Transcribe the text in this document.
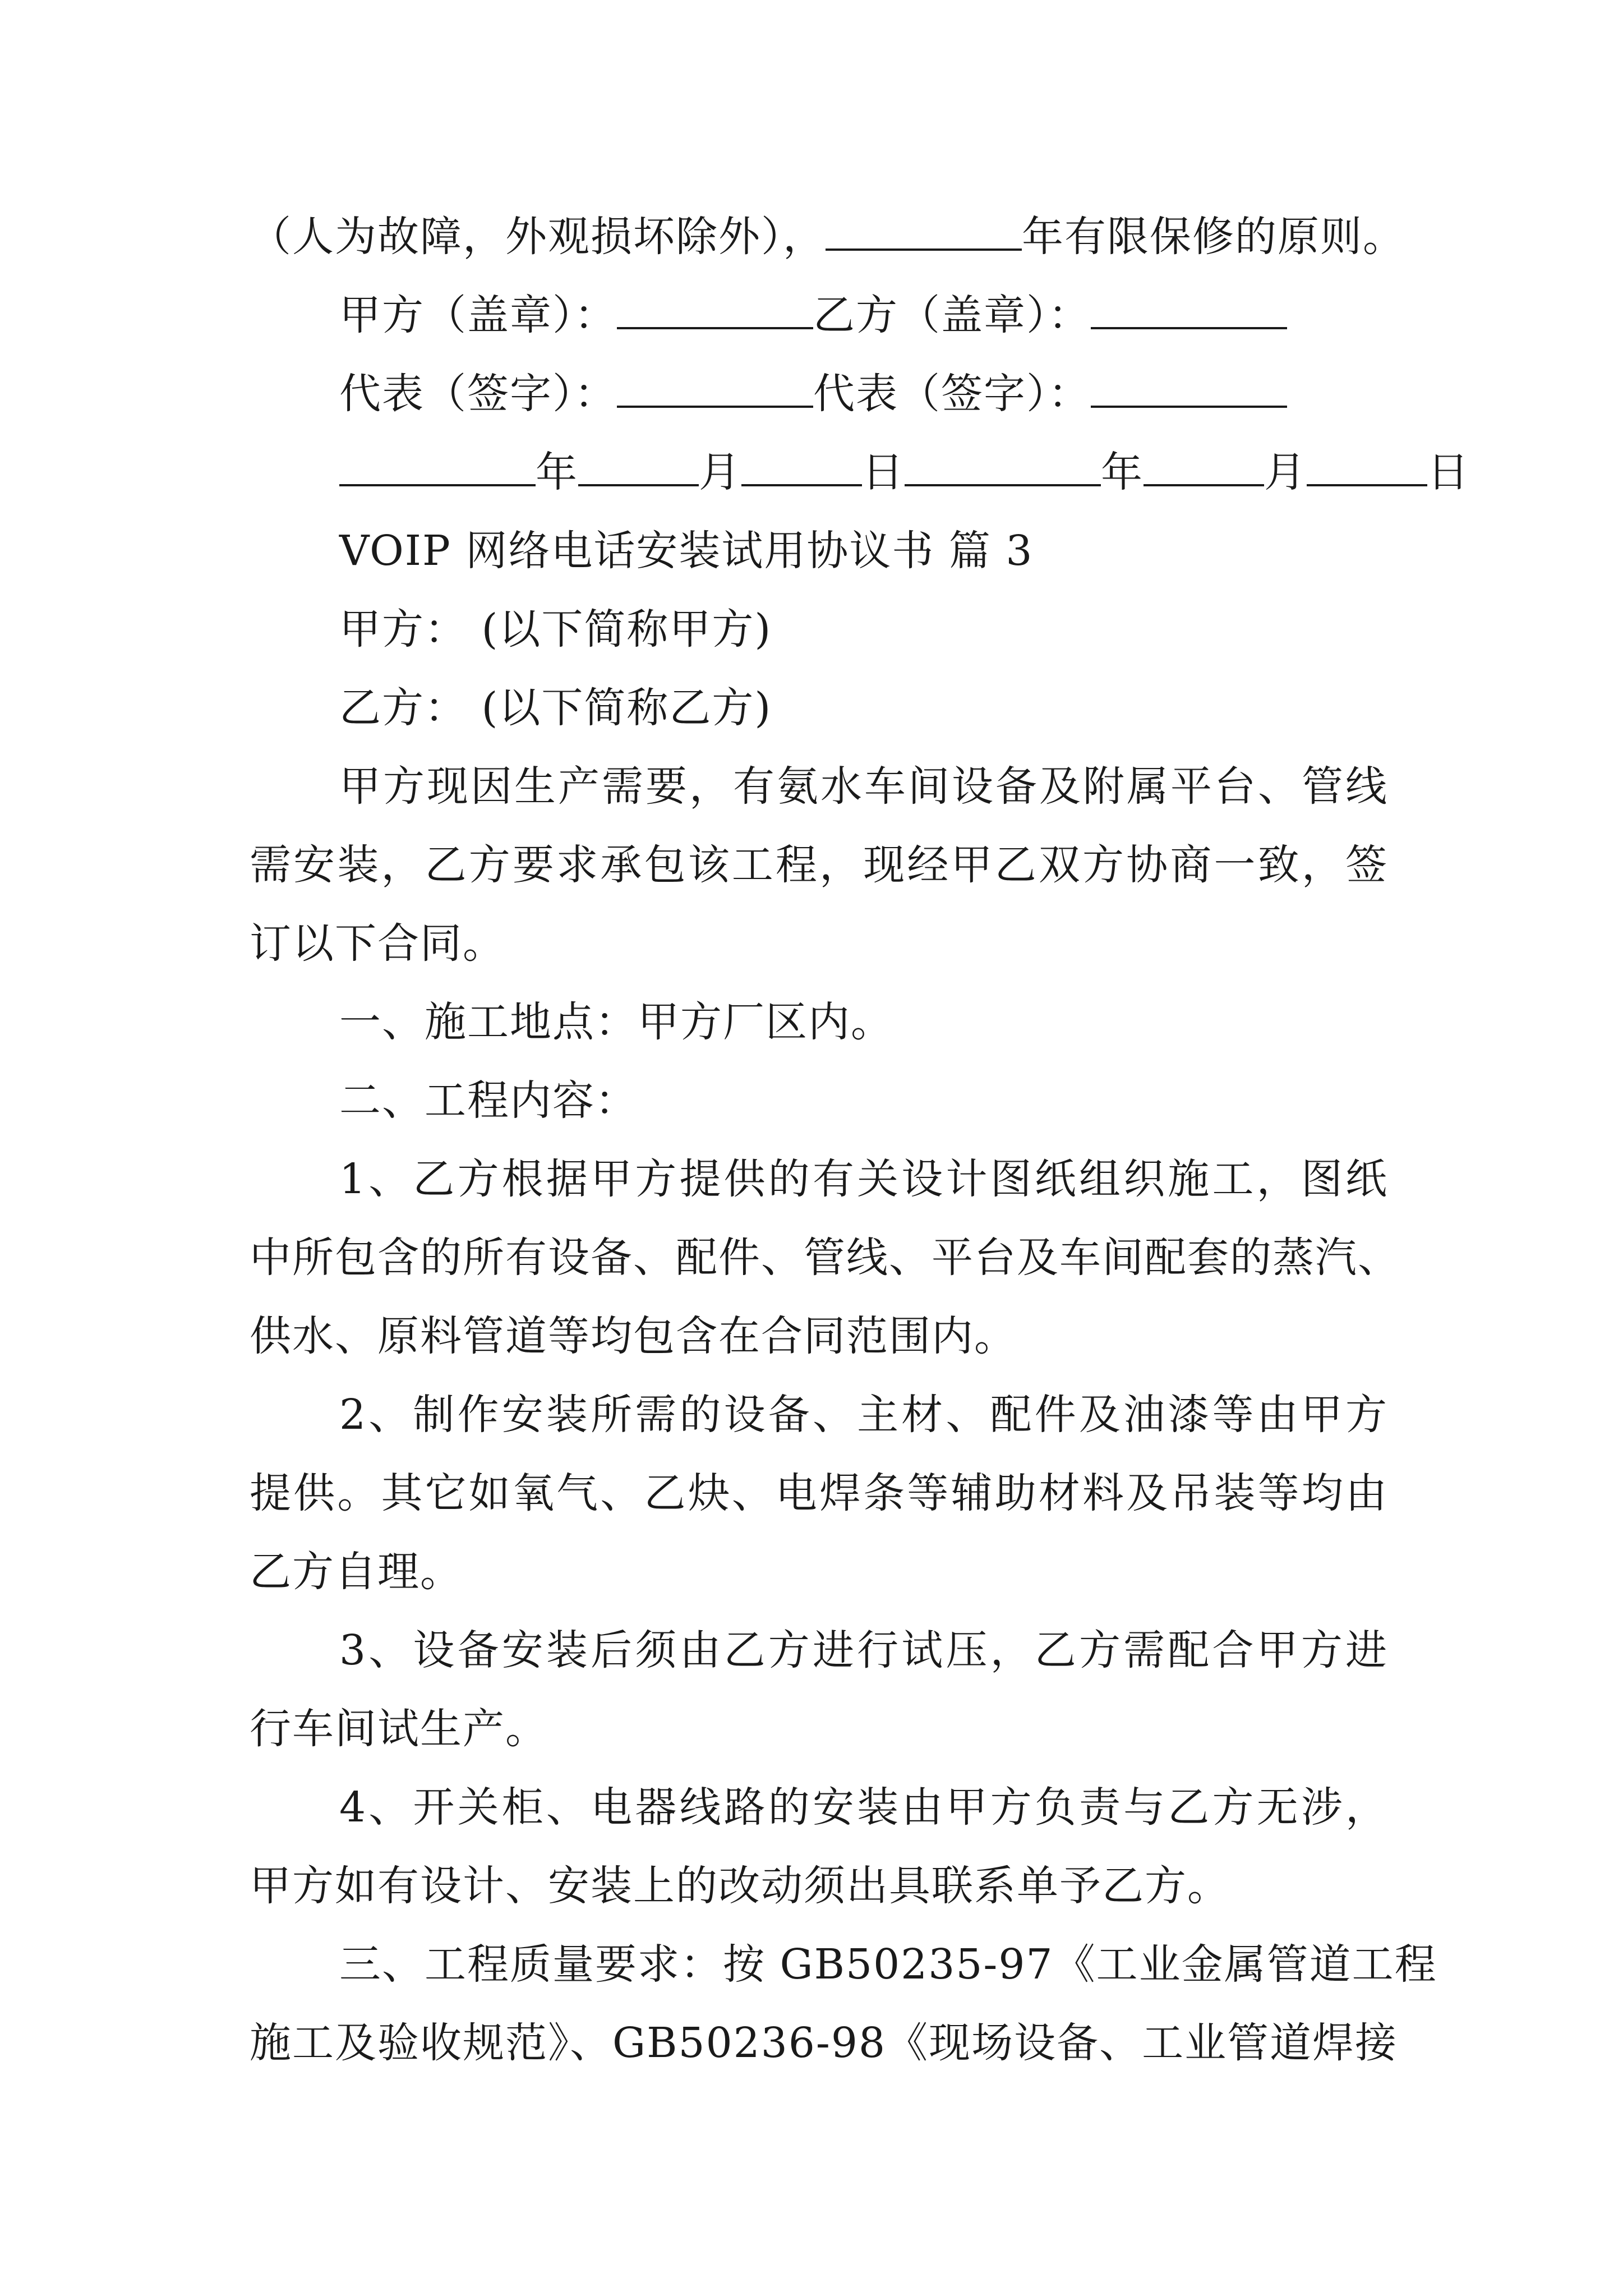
（人为故障，外观损坏除外），	年有限保修的原则。
甲方（盖章）：	乙方（盖章）：
代表（签字）：	代表（签字）：
年	月	日	年	月	日
VOIP 网络电话安装试用协议书 篇 3
甲方： (以下简称甲方)
乙方： (以下简称乙方)
甲方现因生产需要，有氨水车间设备及附属平台、管线
需安装，乙方要求承包该工程，现经甲乙双方协商一致，签
订以下合同。
一、施工地点：甲方厂区内。
二、工程内容：
1、乙方根据甲方提供的有关设计图纸组织施工，图纸
中所包含的所有设备、配件、管线、平台及车间配套的蒸汽、
供水、原料管道等均包含在合同范围内。
2、制作安装所需的设备、主材、配件及油漆等由甲方
提供。其它如氧气、乙炔、电焊条等辅助材料及吊装等均由
乙方自理。
3、设备安装后须由乙方进行试压，乙方需配合甲方进
行车间试生产。
4、开关柜、电器线路的安装由甲方负责与乙方无涉，
甲方如有设计、安装上的改动须出具联系单予乙方。
三、工程质量要求：按 GB50235-97《工业金属管道工程
施工及验收规范》、GB50236-98《现场设备、工业管道焊接
